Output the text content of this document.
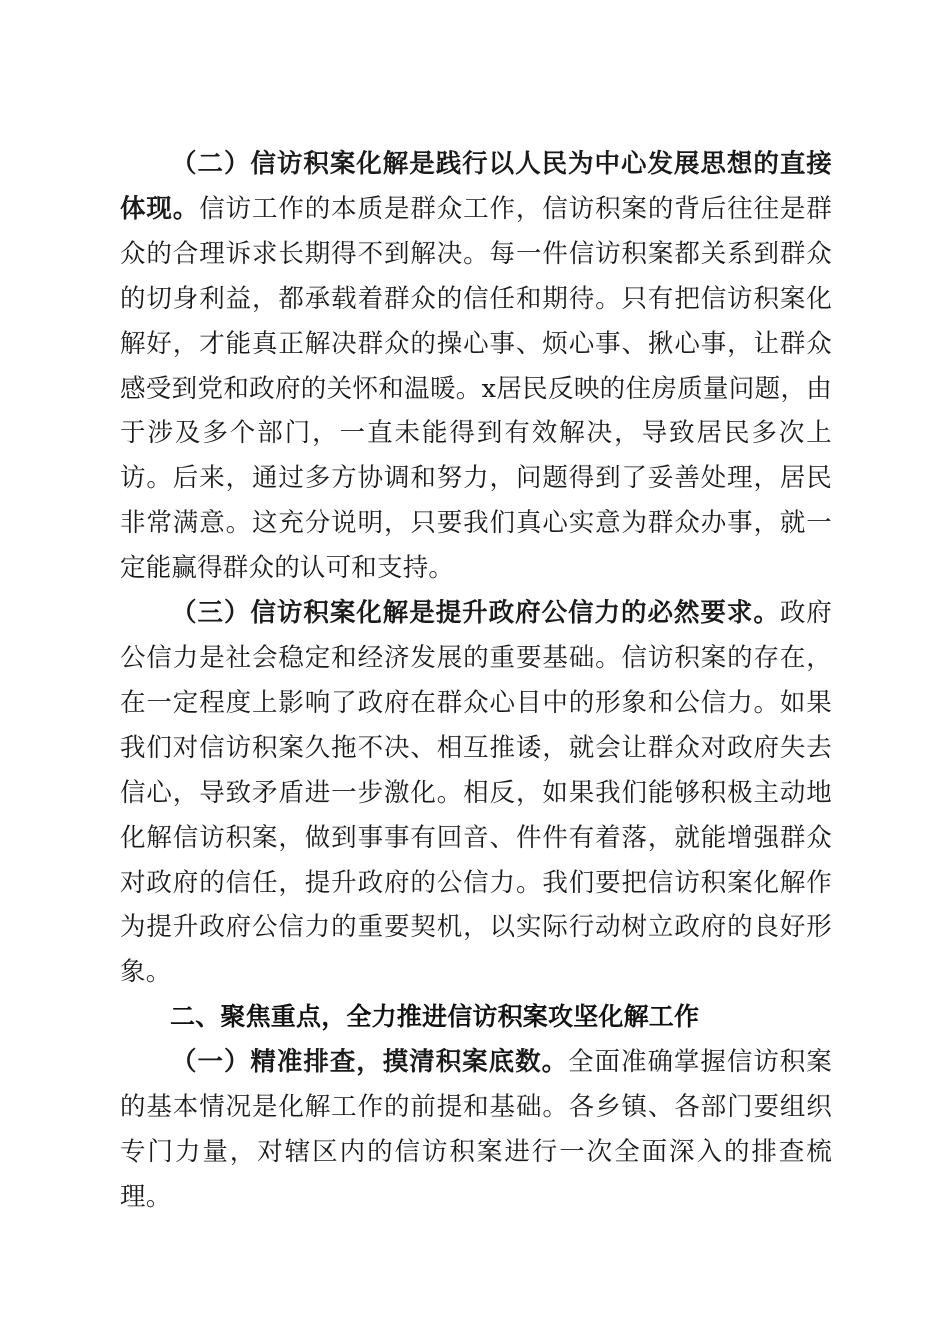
（二）信访积案化解是践行以人民为中心发展思想的直接体现。信访工作的本质是群众工作，信访积案的背后往往是群众的合理诉求长期得不到解决。每一件信访积案都关系到群众的切身利益，都承载着群众的信任和期待。只有把信访积案化解好，才能真正解决群众的操心事、烦心事、揪心事，让群众感受到党和政府的关怀和温暖。x居民反映的住房质量问题，由于涉及多个部门，一直未能得到有效解决，导致居民多次上访。后来，通过多方协调和努力，问题得到了妥善处理，居民非常满意。这充分说明，只要我们真心实意为群众办事，就一定能赢得群众的认可和支持。

（三）信访积案化解是提升政府公信力的必然要求。政府公信力是社会稳定和经济发展的重要基础。信访积案的存在，在一定程度上影响了政府在群众心目中的形象和公信力。如果我们对信访积案久拖不决、相互推诿，就会让群众对政府失去信心，导致矛盾进一步激化。相反，如果我们能够积极主动地化解信访积案，做到事事有回音、件件有着落，就能增强群众对政府的信任，提升政府的公信力。我们要把信访积案化解作为提升政府公信力的重要契机，以实际行动树立政府的良好形象。

二、聚焦重点，全力推进信访积案攻坚化解工作

（一）精准排查，摸清积案底数。全面准确掌握信访积案的基本情况是化解工作的前提和基础。各乡镇、各部门要组织专门力量，对辖区内的信访积案进行一次全面深入的排查梳理。
